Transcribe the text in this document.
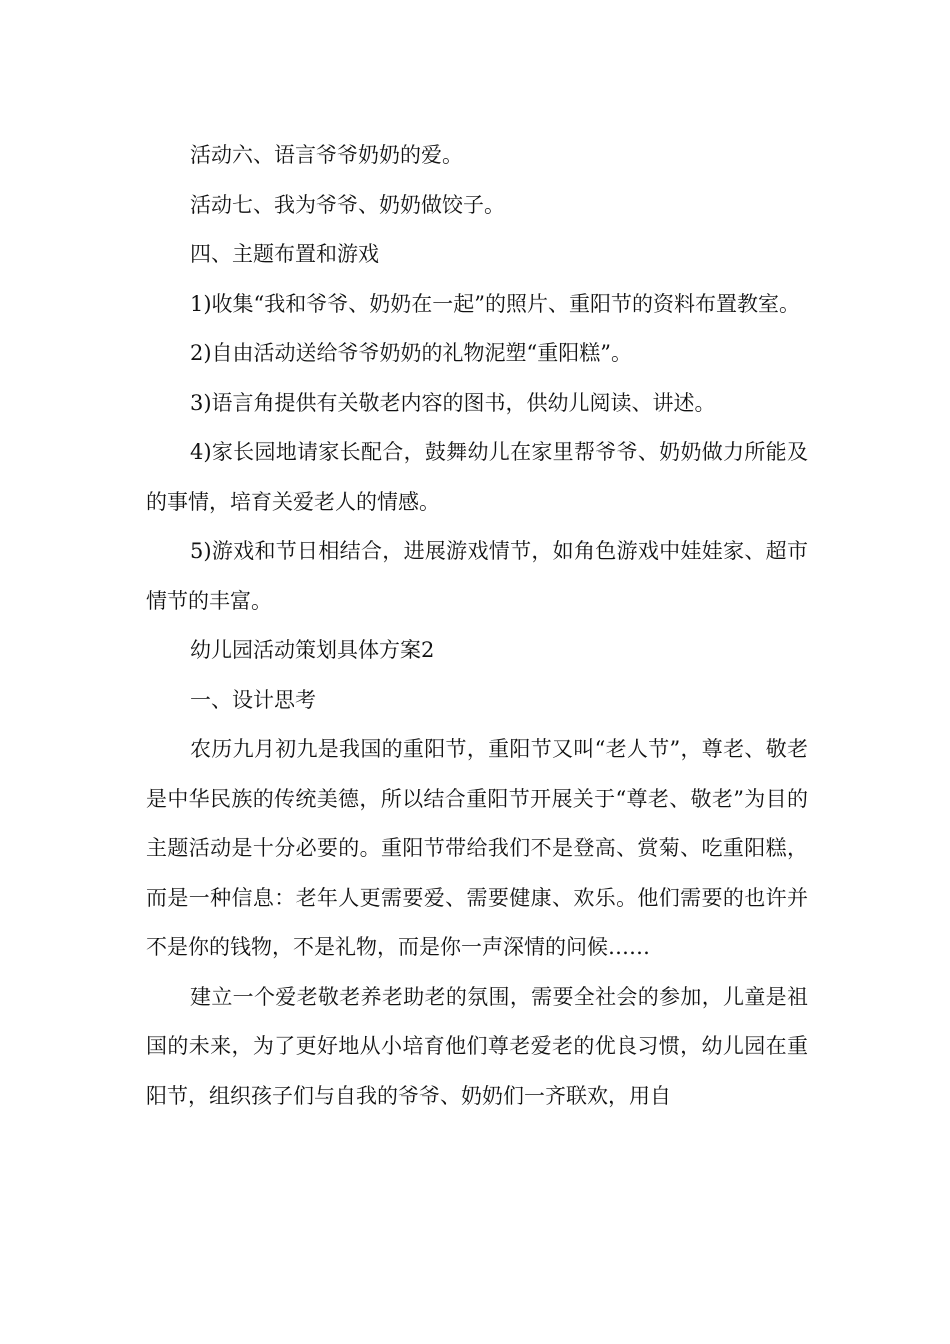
活动六、语言爷爷奶奶的爱。

活动七、我为爷爷、奶奶做饺子。

四、主题布置和游戏

1)收集“我和爷爷、奶奶在一起”的照片、重阳节的资料布置教室。

2)自由活动送给爷爷奶奶的礼物泥塑“重阳糕”。

3)语言角提供有关敬老内容的图书，供幼儿阅读、讲述。

4)家长园地请家长配合，鼓舞幼儿在家里帮爷爷、奶奶做力所能及的事情，培育关爱老人的情感。

5)游戏和节日相结合，进展游戏情节，如角色游戏中娃娃家、超市情节的丰富。

幼儿园活动策划具体方案2

一、设计思考

农历九月初九是我国的重阳节，重阳节又叫“老人节”，尊老、敬老是中华民族的传统美德，所以结合重阳节开展关于“尊老、敬老”为目的主题活动是十分必要的。重阳节带给我们不是登高、赏菊、吃重阳糕，而是一种信息：老年人更需要爱、需要健康、欢乐。他们需要的也许并不是你的钱物，不是礼物，而是你一声深情的问候……

建立一个爱老敬老养老助老的氛围，需要全社会的参加，儿童是祖国的未来，为了更好地从小培育他们尊老爱老的优良习惯，幼儿园在重阳节，组织孩子们与自我的爷爷、奶奶们一齐联欢，用自
